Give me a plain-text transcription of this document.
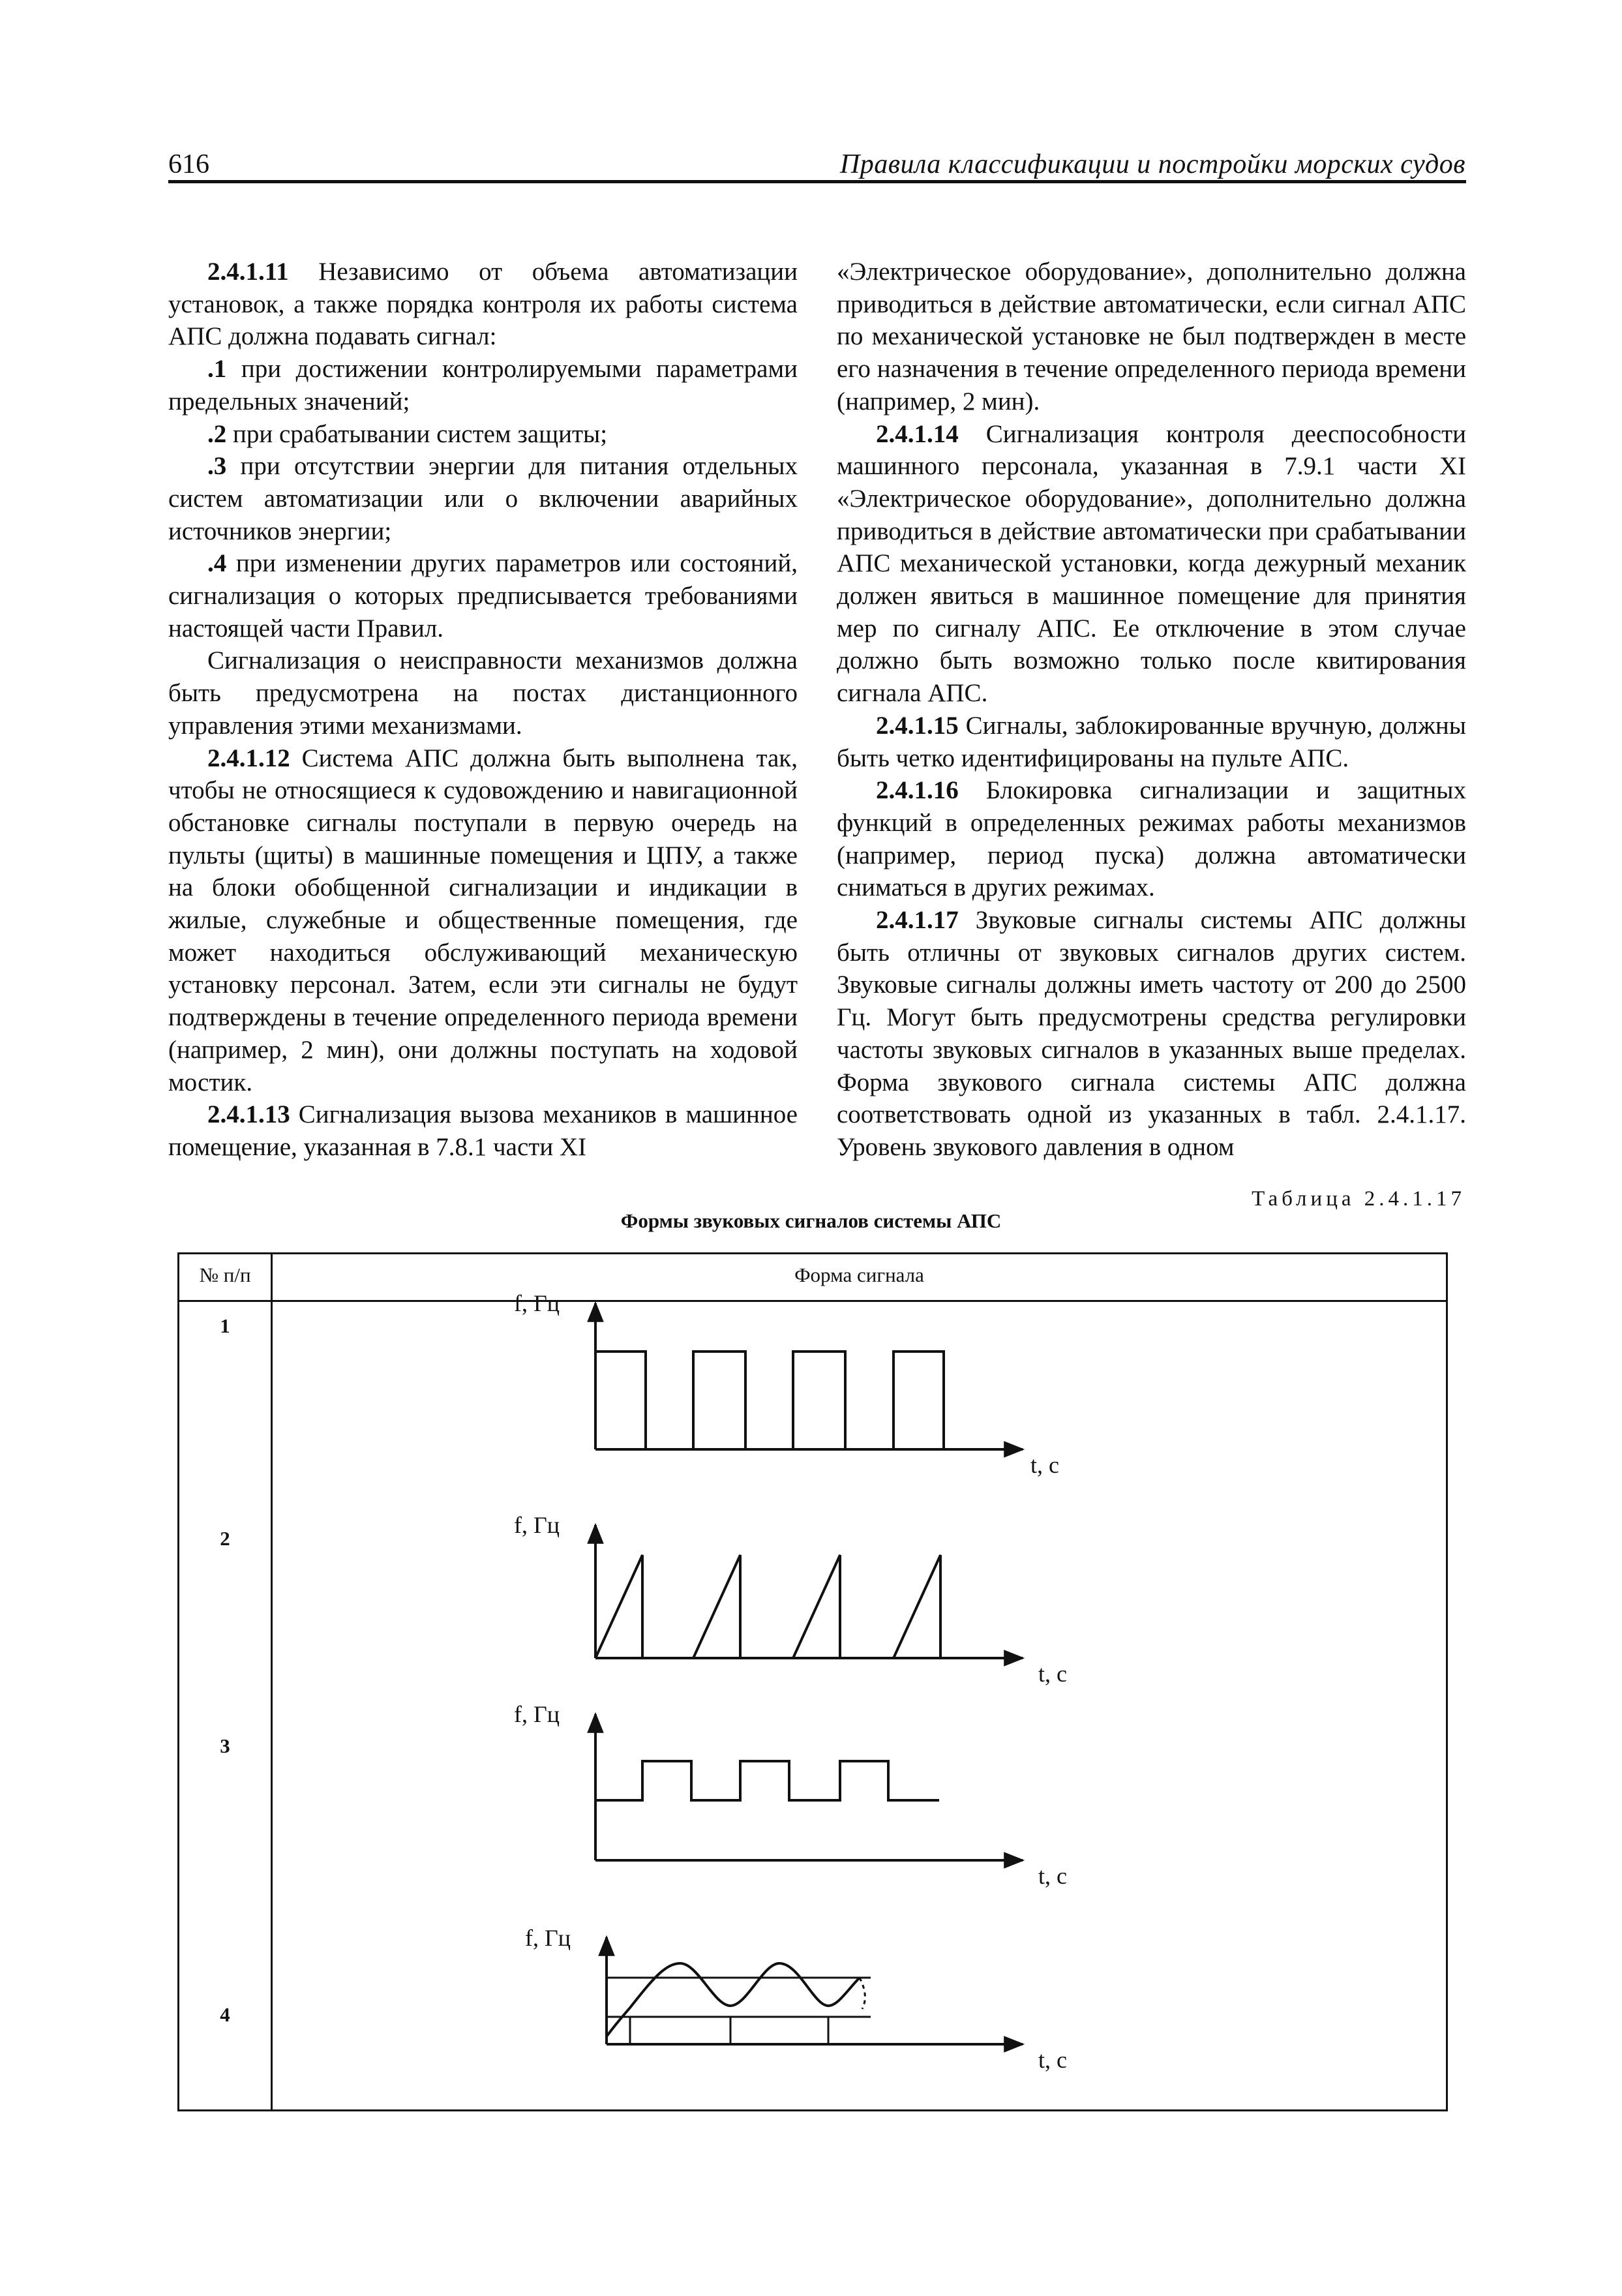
616	Правила классификации и постройки морских судов

2.4.1.11 Независимо от объема автоматизации установок, а также порядка контроля их работы система АПС должна подавать сигнал:

.1 при достижении контролируемыми параметрами предельных значений;

.2 при срабатывании систем защиты;

.3 при отсутствии энергии для питания отдельных систем автоматизации или о включении аварийных источников энергии;

.4 при изменении других параметров или состояний, сигнализация о которых предписывается требованиями настоящей части Правил.

Сигнализация о неисправности механизмов должна быть предусмотрена на постах дистанционного управления этими механизмами.

2.4.1.12 Система АПС должна быть выполнена так, чтобы не относящиеся к судовождению и навигационной обстановке сигналы поступали в первую очередь на пульты (щиты) в машинные помещения и ЦПУ, а также на блоки обобщенной сигнализации и индикации в жилые, служебные и общественные помещения, где может находиться обслуживающий механическую установку персонал. Затем, если эти сигналы не будут подтверждены в течение определенного периода времени (например, 2 мин), они должны поступать на ходовой мостик.

2.4.1.13 Сигнализация вызова механиков в машинное помещение, указанная в 7.8.1 части XI

«Электрическое оборудование», дополнительно должна приводиться в действие автоматически, если сигнал АПС по механической установке не был подтвержден в месте его назначения в течение определенного периода времени (например, 2 мин).

2.4.1.14 Сигнализация контроля дееспособности машинного персонала, указанная в 7.9.1 части XI «Электрическое оборудование», дополнительно должна приводиться в действие автоматически при срабатывании АПС механической установки, когда дежурный механик должен явиться в машинное помещение для принятия мер по сигналу АПС. Ее отключение в этом случае должно быть возможно только после квитирования сигнала АПС.

2.4.1.15 Сигналы, заблокированные вручную, должны быть четко идентифицированы на пульте АПС.

2.4.1.16 Блокировка сигнализации и защитных функций в определенных режимах работы механизмов (например, период пуска) должна автоматически сниматься в других режимах.

2.4.1.17 Звуковые сигналы системы АПС должны быть отличны от звуковых сигналов других систем. Звуковые сигналы должны иметь частоту от 200 до 2500 Гц. Могут быть предусмотрены средства регулировки частоты звуковых сигналов в указанных выше пределах. Форма звукового сигнала системы АПС должна соответствовать одной из указанных в табл. 2.4.1.17. Уровень звукового давления в одном

Таблица 2.4.1.17
Формы звуковых сигналов системы АПС
№ п/п	Форма сигнала
1
2
3
4
f, Гц
t, с
f, Гц
t, с
f, Гц
t, с
f, Гц
t, с
